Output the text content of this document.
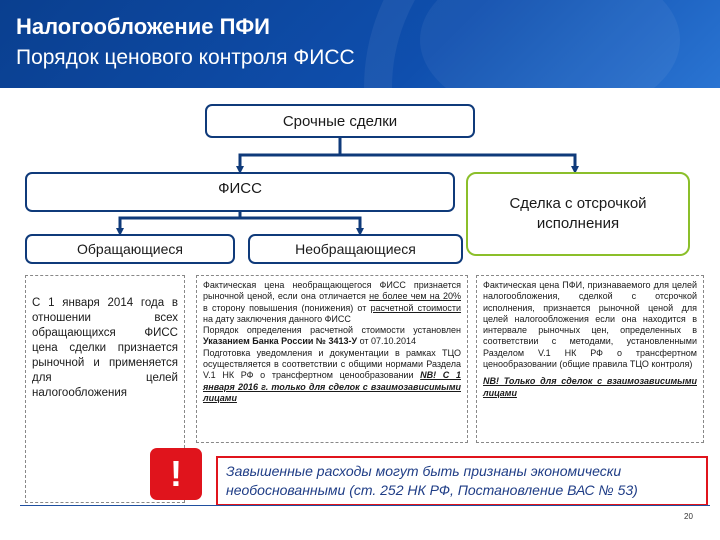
Налогообложение ПФИ
Порядок ценового контроля ФИСС
Срочные сделки
ФИСС
Сделка с отсрочкой исполнения
Обращающиеся	Необращающиеся

С 1 января 2014 года в отношении всех обращающихся ФИСС цена сделки признается рыночной и применяется для целей налогообложения

Фактическая цена необращающегося ФИСС признается рыночной ценой, если она отличается не более чем на 20% в сторону повышения (понижения) от расчетной стоимости на дату заключения данного ФИСС

Порядок определения расчетной стоимости установлен Указанием Банка России № 3413-У от 07.10.2014

Подготовка уведомления и документации в рамках ТЦО осуществляется в соответствии с общими нормами Раздела V.1 НК РФ о трансфертном ценообразовании NB! С 1 января 2016 г. только для сделок с взаимозависимыми лицами

Фактическая цена ПФИ, признаваемого для целей налогообложения, сделкой с отсрочкой исполнения, признается рыночной ценой для целей налогообложения если она находится в интервале рыночных цен, определенных в соответствии с методами, установленными Разделом V.1 НК РФ о трансфертном ценообразовании (общие правила ТЦО контроля)

NB! Только для сделок с взаимозависимыми лицами

!	Завышенные расходы могут быть признаны экономически необоснованными (ст. 252 НК РФ, Постановление ВАС № 53)
20
